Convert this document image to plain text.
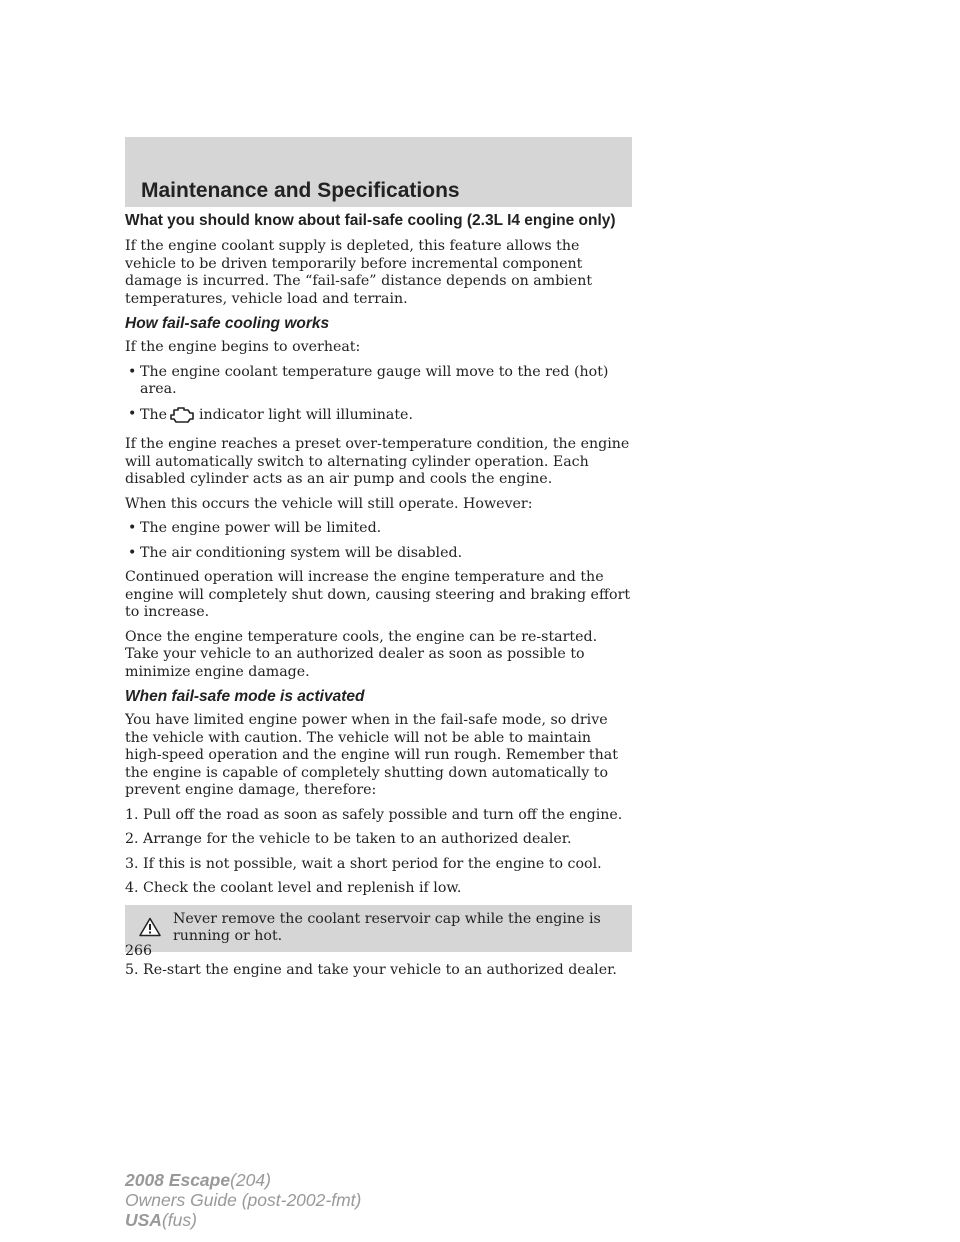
Maintenance and Specifications
What you should know about fail-safe cooling (2.3L I4 engine only)

If the engine coolant supply is depleted, this feature allows the vehicle to be driven temporarily before incremental component damage is incurred. The “fail-safe” distance depends on ambient temperatures, vehicle load and terrain.

How fail-safe cooling works

If the engine begins to overheat:

• The engine coolant temperature gauge will move to the red (hot) area.
• The indicator light will illuminate.

If the engine reaches a preset over-temperature condition, the engine will automatically switch to alternating cylinder operation. Each disabled cylinder acts as an air pump and cools the engine.

When this occurs the vehicle will still operate. However:

• The engine power will be limited.
• The air conditioning system will be disabled.

Continued operation will increase the engine temperature and the engine will completely shut down, causing steering and braking effort to increase.

Once the engine temperature cools, the engine can be re-started. Take your vehicle to an authorized dealer as soon as possible to minimize engine damage.

When fail-safe mode is activated

You have limited engine power when in the fail-safe mode, so drive the vehicle with caution. The vehicle will not be able to maintain high-speed operation and the engine will run rough. Remember that the engine is capable of completely shutting down automatically to prevent engine damage, therefore:

1. Pull off the road as soon as safely possible and turn off the engine.
2. Arrange for the vehicle to be taken to an authorized dealer.
3. If this is not possible, wait a short period for the engine to cool.
4. Check the coolant level and replenish if low.

Never remove the coolant reservoir cap while the engine is running or hot.

5. Re-start the engine and take your vehicle to an authorized dealer.

266
2008 Escape(204)
Owners Guide (post-2002-fmt)
USA(fus)
